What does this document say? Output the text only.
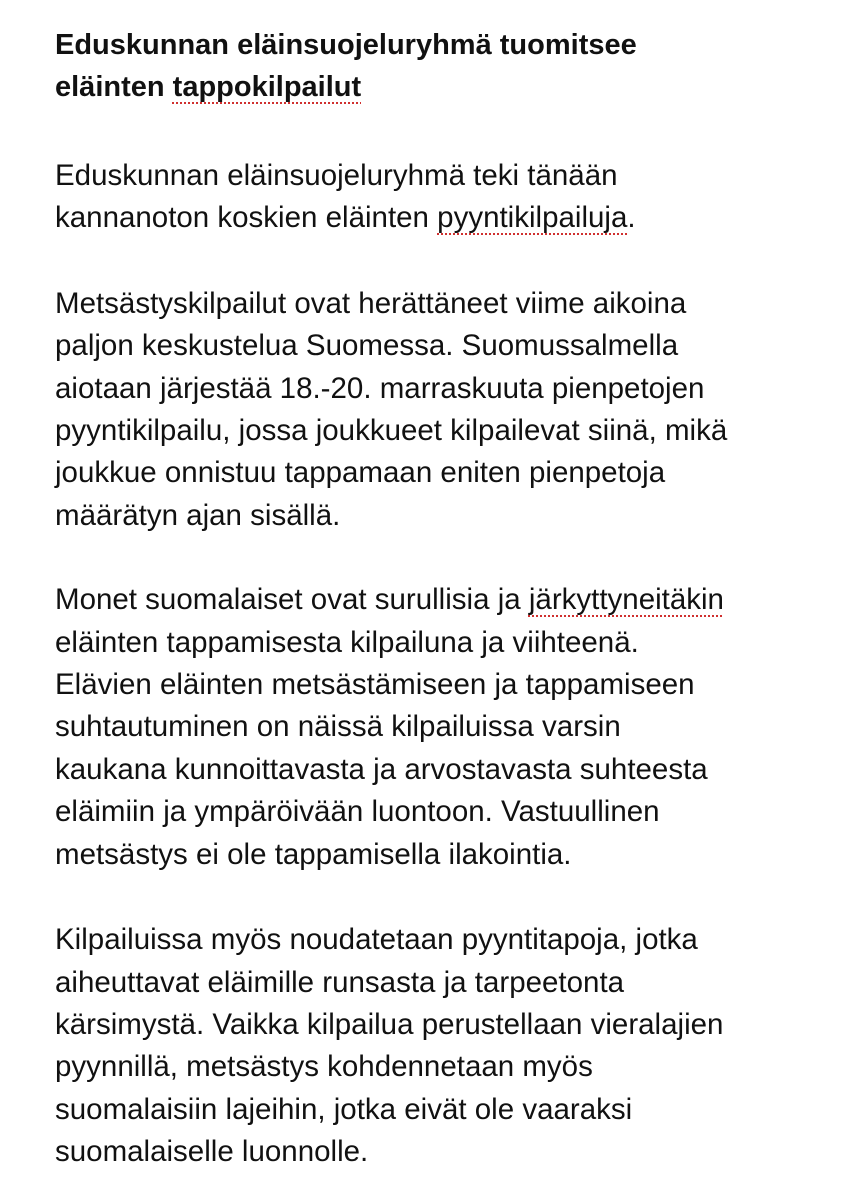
Eduskunnan eläinsuojeluryhmä tuomitsee
eläinten tappokilpailut

Eduskunnan eläinsuojeluryhmä teki tänään
kannanoton koskien eläinten pyyntikilpailuja.

Metsästyskilpailut ovat herättäneet viime aikoina
paljon keskustelua Suomessa. Suomussalmella
aiotaan järjestää 18.-20. marraskuuta pienpetojen
pyyntikilpailu, jossa joukkueet kilpailevat siinä, mikä
joukkue onnistuu tappamaan eniten pienpetoja
määrätyn ajan sisällä.

Monet suomalaiset ovat surullisia ja järkyttyneitäkin
eläinten tappamisesta kilpailuna ja viihteenä.
Elävien eläinten metsästämiseen ja tappamiseen
suhtautuminen on näissä kilpailuissa varsin
kaukana kunnoittavasta ja arvostavasta suhteesta
eläimiin ja ympäröivään luontoon. Vastuullinen
metsästys ei ole tappamisella ilakointia.

Kilpailuissa myös noudatetaan pyyntitapoja, jotka
aiheuttavat eläimille runsasta ja tarpeetonta
kärsimystä. Vaikka kilpailua perustellaan vieralajien
pyynnillä, metsästys kohdennetaan myös
suomalaisiin lajeihin, jotka eivät ole vaaraksi
suomalaiselle luonnolle.
